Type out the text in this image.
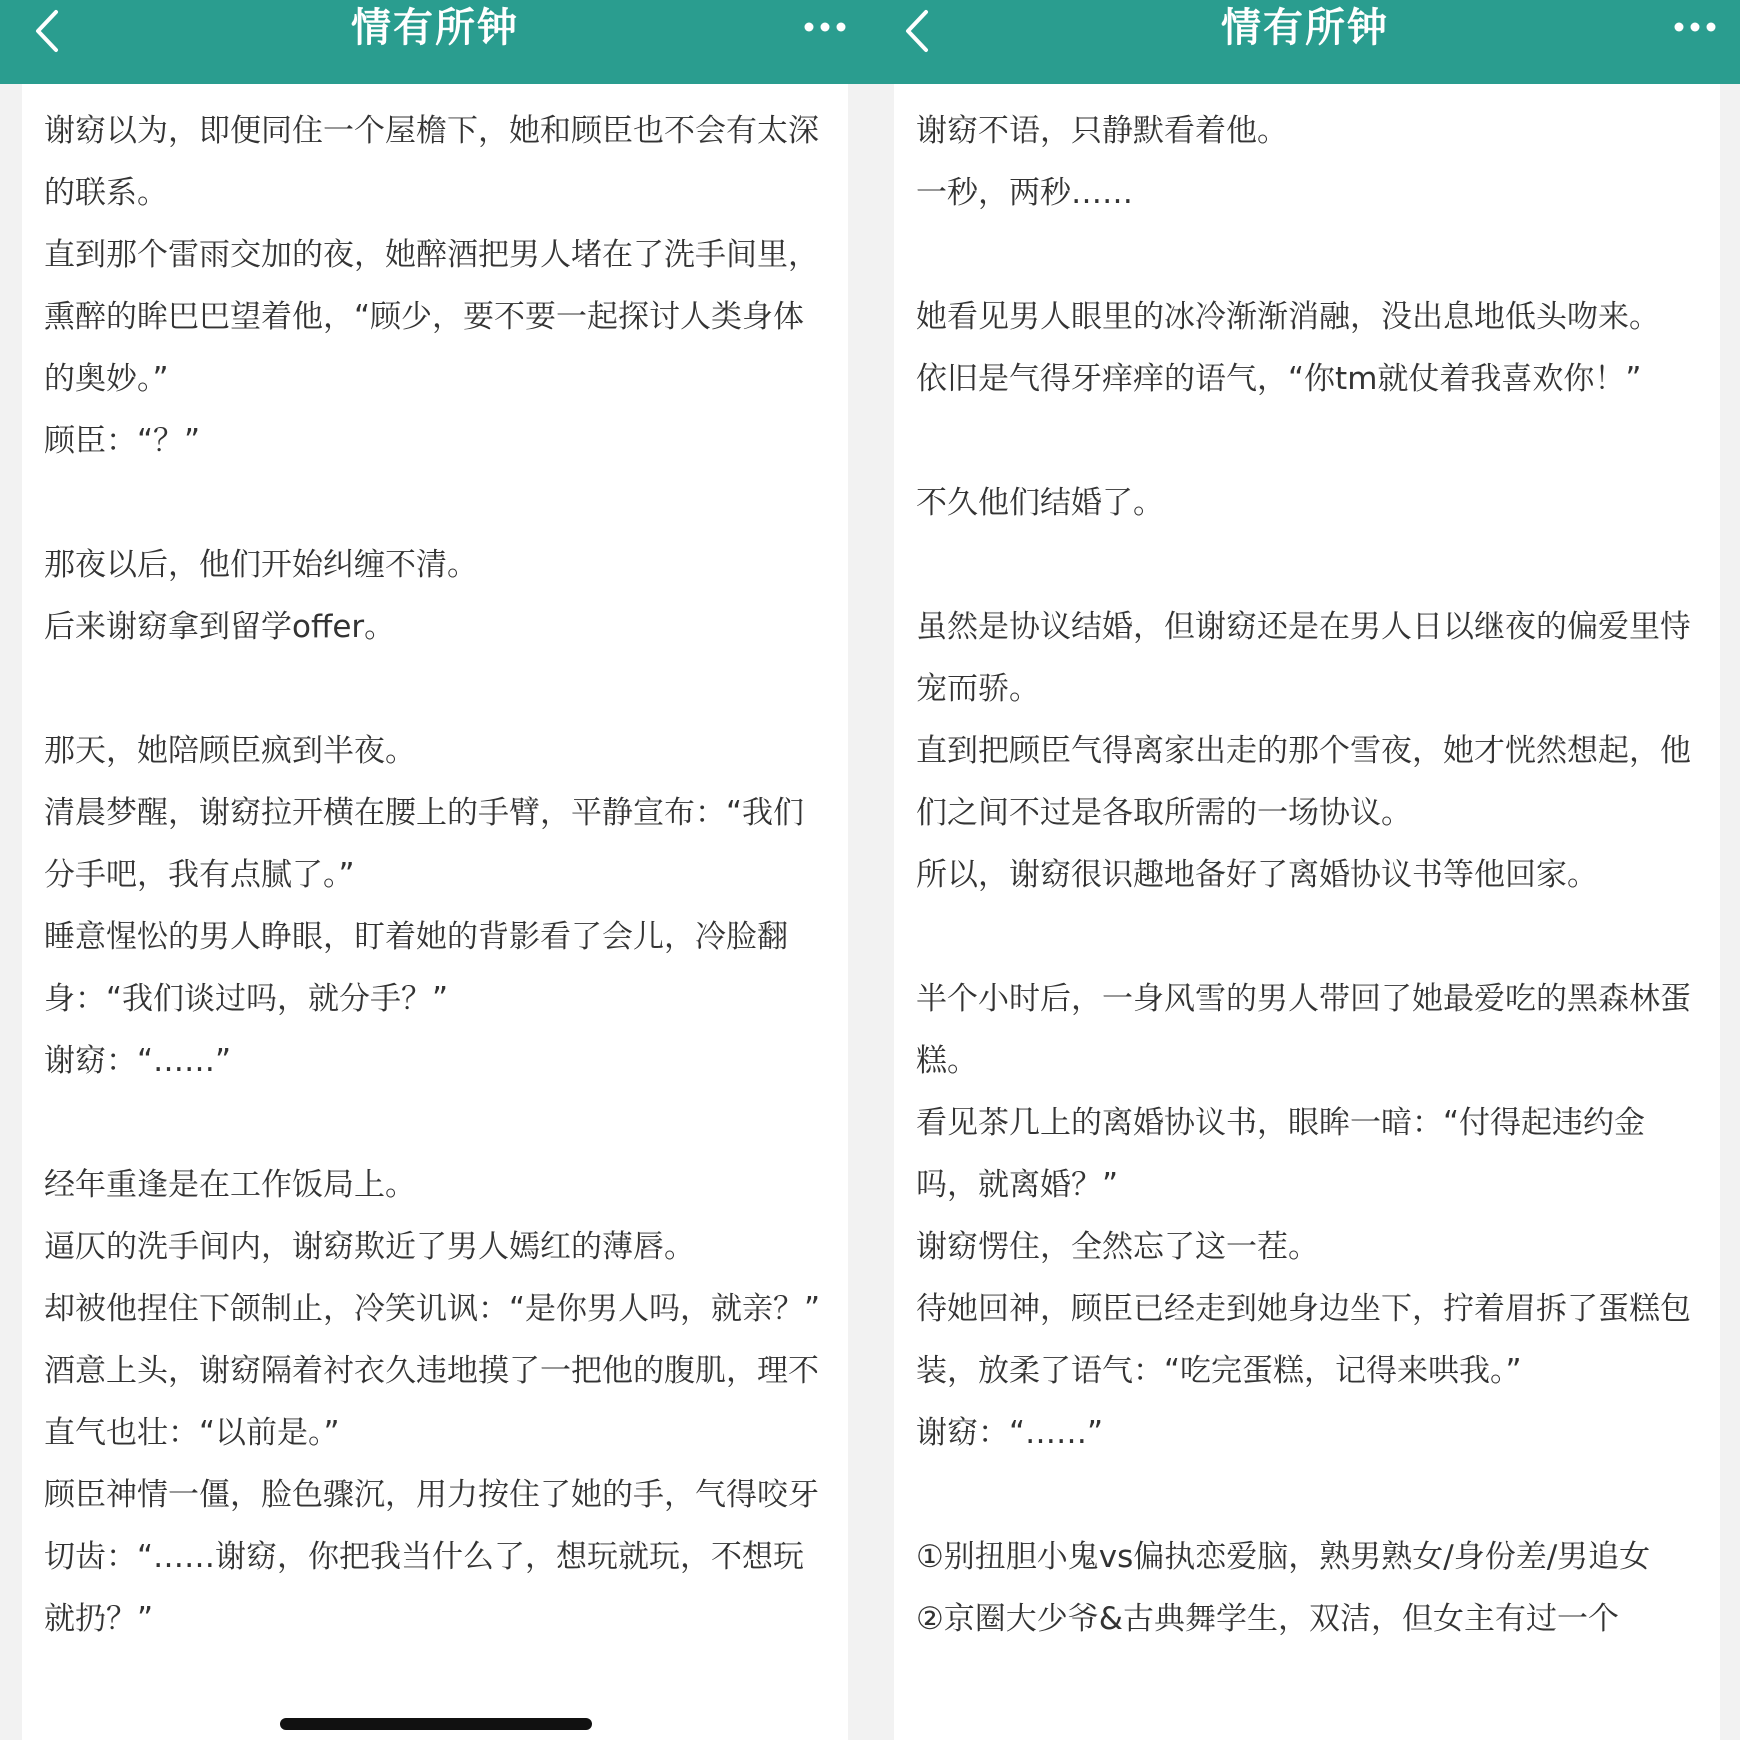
情有所钟
谢窈以为，即便同住一个屋檐下，她和顾臣也不会有太深的联系。
直到那个雷雨交加的夜，她醉酒把男人堵在了洗手间里，熏醉的眸巴巴望着他，“顾少，要不要一起探讨人类身体的奥妙。”
顾臣：“？”
那夜以后，他们开始纠缠不清。
后来谢窈拿到留学offer。
那天，她陪顾臣疯到半夜。
清晨梦醒，谢窈拉开横在腰上的手臂，平静宣布：“我们分手吧，我有点腻了。”
睡意惺忪的男人睁眼，盯着她的背影看了会儿，冷脸翻身：“我们谈过吗，就分手？”
谢窈：“……”
经年重逢是在工作饭局上。
逼仄的洗手间内，谢窈欺近了男人嫣红的薄唇。
却被他捏住下颌制止，冷笑讥讽：“是你男人吗，就亲？”
酒意上头，谢窈隔着衬衣久违地摸了一把他的腹肌，理不直气也壮：“以前是。”
顾臣神情一僵，脸色骤沉，用力按住了她的手，气得咬牙切齿：“……谢窈，你把我当什么了，想玩就玩，不想玩就扔？”
情有所钟
谢窈不语，只静默看着他。
一秒，两秒……
她看见男人眼里的冰冷渐渐消融，没出息地低头吻来。
依旧是气得牙痒痒的语气，“你tm就仗着我喜欢你！”
不久他们结婚了。
虽然是协议结婚，但谢窈还是在男人日以继夜的偏爱里恃宠而骄。
直到把顾臣气得离家出走的那个雪夜，她才恍然想起，他们之间不过是各取所需的一场协议。
所以，谢窈很识趣地备好了离婚协议书等他回家。
半个小时后，一身风雪的男人带回了她最爱吃的黑森林蛋糕。
看见茶几上的离婚协议书，眼眸一暗：“付得起违约金吗，就离婚？”
谢窈愣住，全然忘了这一茬。
待她回神，顾臣已经走到她身边坐下，拧着眉拆了蛋糕包装，放柔了语气：“吃完蛋糕，记得来哄我。”
谢窈：“……”
①别扭胆小鬼vs偏执恋爱脑，熟男熟女/身份差/男追女
②京圈大少爷&古典舞学生，双洁，但女主有过一个
